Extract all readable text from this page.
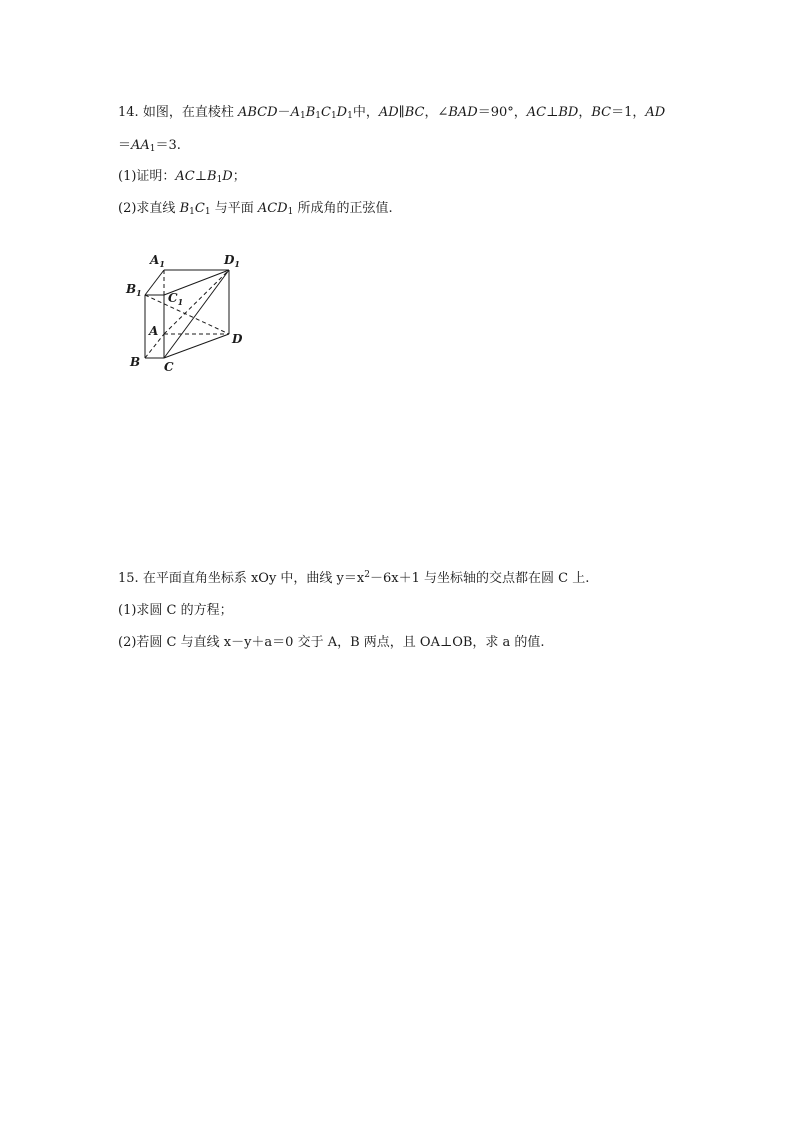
14. 如图，在直棱柱 $ABCD-A_1B_1C_1D_1$中，AD∥BC，∠BAD＝90°，AC⊥BD，BC＝1，AD
$=AA_1=3$.
(1)证明：$AC\perp B_1D$；
(2)求直线 $B_1C_1$ 与平面 $ACD_1$ 所成角的正弦值.
$A_1$	$D_1$
$B_1$ $C_1$
A
D
B C
15. 在平面直角坐标系 xOy 中，曲线 $y=x^2-6x+1$ 与坐标轴的交点都在圆 C 上.
(1)求圆 C 的方程；
(2)若圆 C 与直线 x－y＋a＝0 交于 A，B 两点，且 OA⊥OB，求 a 的值.
